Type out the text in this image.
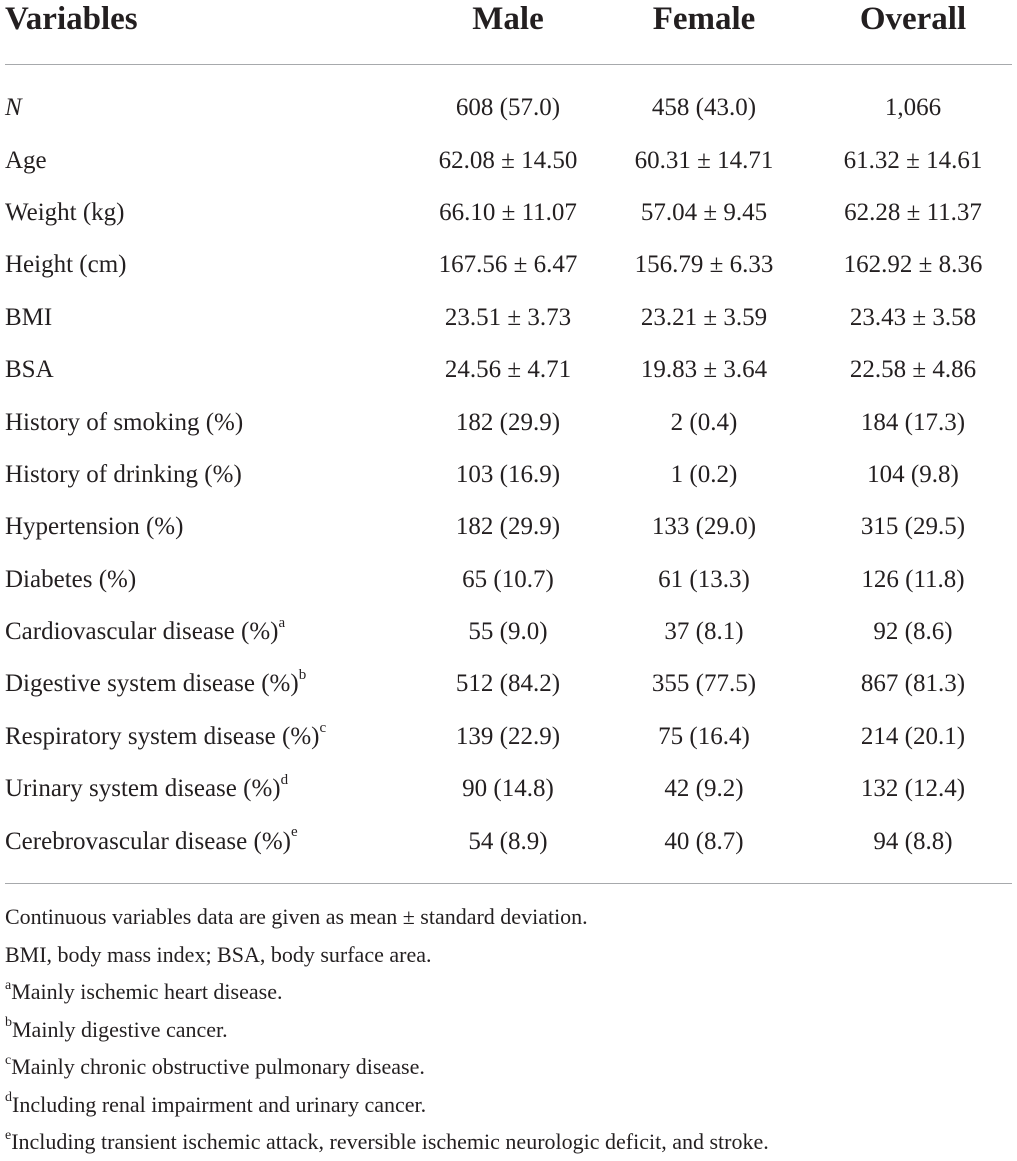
Variables	Male	Female	Overall
N	608 (57.0)	458 (43.0)	1,066
Age	62.08 ± 14.50	60.31 ± 14.71	61.32 ± 14.61
Weight (kg)	66.10 ± 11.07	57.04 ± 9.45	62.28 ± 11.37
Height (cm)	167.56 ± 6.47	156.79 ± 6.33	162.92 ± 8.36
BMI	23.51 ± 3.73	23.21 ± 3.59	23.43 ± 3.58
BSA	24.56 ± 4.71	19.83 ± 3.64	22.58 ± 4.86
History of smoking (%)	182 (29.9)	2 (0.4)	184 (17.3)
History of drinking (%)	103 (16.9)	1 (0.2)	104 (9.8)
Hypertension (%)	182 (29.9)	133 (29.0)	315 (29.5)
Diabetes (%)	65 (10.7)	61 (13.3)	126 (11.8)
Cardiovascular disease (%)$^a$	55 (9.0)	37 (8.1)	92 (8.6)
Digestive system disease (%)$^b$	512 (84.2)	355 (77.5)	867 (81.3)
Respiratory system disease (%)$^c$	139 (22.9)	75 (16.4)	214 (20.1)
Urinary system disease (%)$^d$	90 (14.8)	42 (9.2)	132 (12.4)
Cerebrovascular disease (%)$^e$	54 (8.9)	40 (8.7)	94 (8.8)
Continuous variables data are given as mean ± standard deviation.
BMI, body mass index; BSA, body surface area.
$^a$Mainly ischemic heart disease.
$^b$Mainly digestive cancer.
$^c$Mainly chronic obstructive pulmonary disease.
$^d$Including renal impairment and urinary cancer.
$^e$Including transient ischemic attack, reversible ischemic neurologic deficit, and stroke.
